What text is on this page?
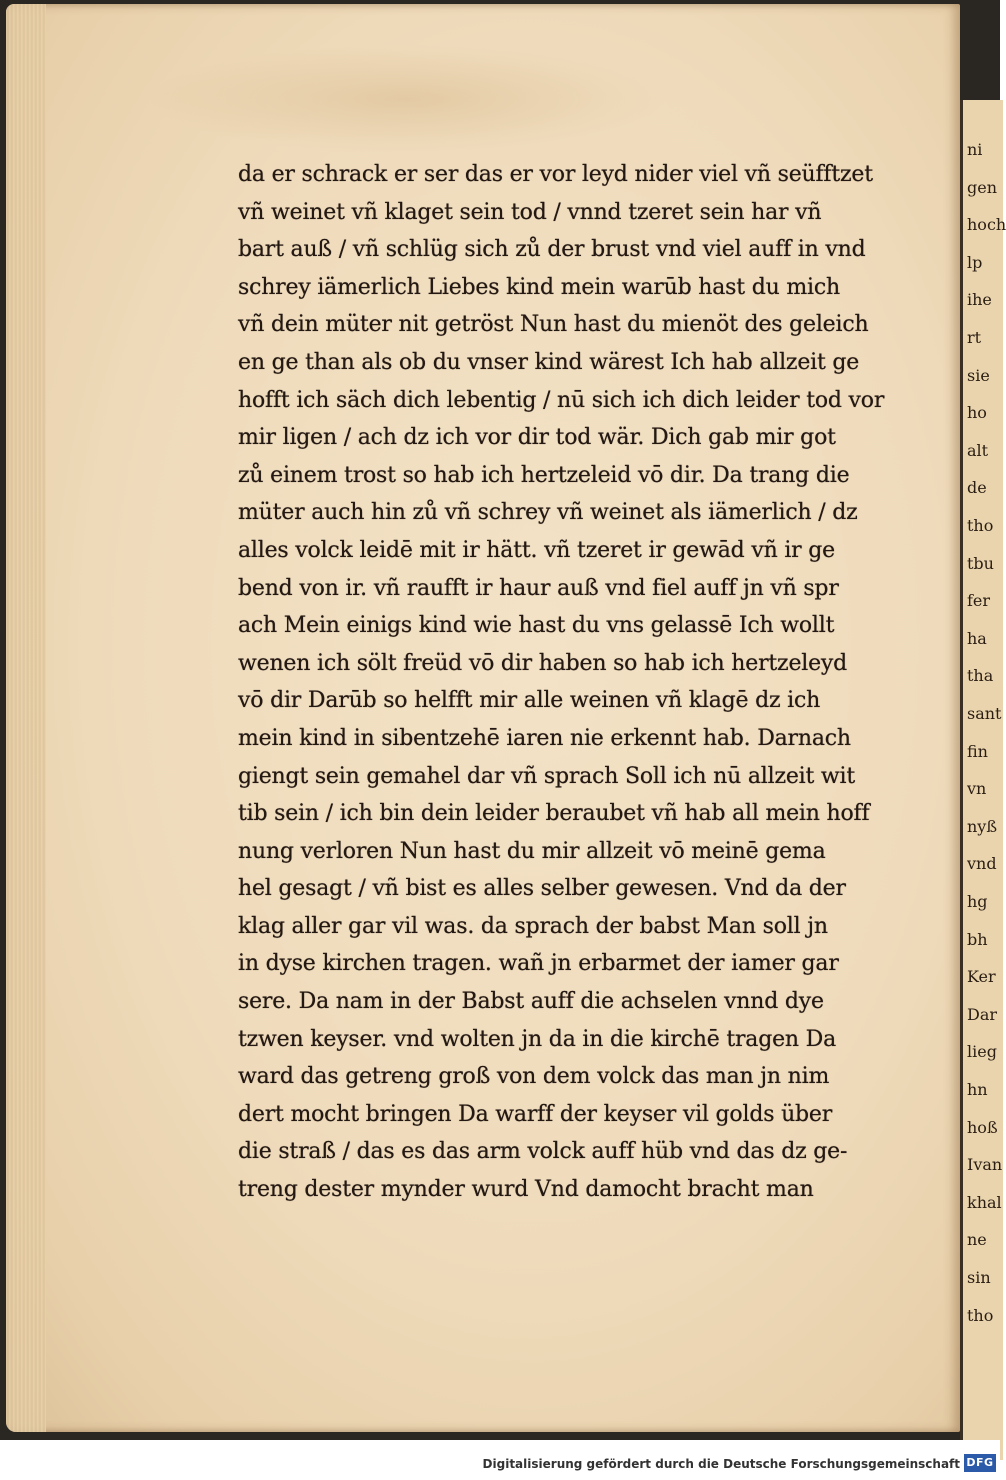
da er schrack er ser das er vor leyd nider viel vñ seüfftzet
vñ weinet vñ klaget sein tod / vnnd tzeret sein har vñ
bart auß / vñ schlüg sich zů der brust vnd viel auff in vnd
schrey iämerlich Liebes kind mein warūb hast du mich
vñ dein müter nit getröst Nun hast du mienöt des geleich
en ge than als ob du vnser kind wärest Ich hab allzeit ge
hofft ich säch dich lebentig / nū sich ich dich leider tod vor
mir ligen / ach dz ich vor dir tod wär. Dich gab mir got
zů einem trost so hab ich hertzeleid vō dir. Da trang die
müter auch hin zů vñ schrey vñ weinet als iämerlich / dz
alles volck leidē mit ir hätt. vñ tzeret ir gewād vñ ir ge
bend von ir. vñ raufft ir haur auß vnd fiel auff jn vñ spr
ach Mein einigs kind wie hast du vns gelassē Ich wollt
wenen ich sölt freüd vō dir haben so hab ich hertzeleyd
vō dir Darūb so helfft mir alle weinen vñ klagē dz ich
mein kind in sibentzehē iaren nie erkennt hab. Darnach
giengt sein gemahel dar vñ sprach Soll ich nū allzeit wit
tib sein / ich bin dein leider beraubet vñ hab all mein hoff
nung verloren Nun hast du mir allzeit vō meinē gema
hel gesagt / vñ bist es alles selber gewesen. Vnd da der
klag aller gar vil was. da sprach der babst Man soll jn
in dyse kirchen tragen. wañ jn erbarmet der iamer gar
sere. Da nam in der Babst auff die achselen vnnd dye
tzwen keyser. vnd wolten jn da in die kirchē tragen Da
ward das getreng groß von dem volck das man jn nim
dert mocht bringen Da warff der keyser vil golds über
die straß / das es das arm volck auff hüb vnd das dz ge-
treng dester mynder wurd Vnd damocht bracht man
ni
gen
hoch
lp
ihe
rt
sie
ho
alt
de
tho
tbu
fer
ha
tha
sant
fin
vn
nyß
vnd
hg
bh
Ker
Dar
lieg
hn
hoß
Ivan
khal
ne
sin
tho
Digitalisierung gefördert durch die Deutsche Forschungsgemeinschaft DFG
